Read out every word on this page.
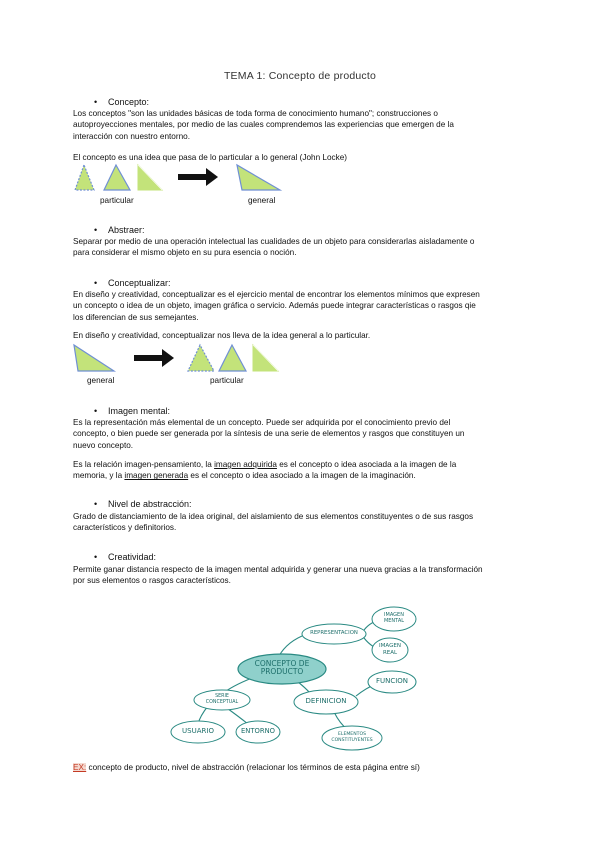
TEMA 1: Concepto de producto
• Concepto:
Los conceptos "son las unidades básicas de toda forma de conocimiento humano"; construcciones o
autoproyecciones mentales, por medio de las cuales comprendemos las experiencias que emergen de la
interacción con nuestro entorno.
El concepto es una idea que pasa de lo particular a lo general (John Locke)
particular	general
• Abstraer:
Separar por medio de una operación intelectual las cualidades de un objeto para considerarlas aisladamente o
para considerar el mismo objeto en su pura esencia o noción.
• Conceptualizar:
En diseño y creatividad, conceptualizar es el ejercicio mental de encontrar los elementos mínimos que expresen
un concepto o idea de un objeto, imagen gráfica o servicio. Además puede integrar características o rasgos qie
los diferencian de sus semejantes.
En diseño y creatividad, conceptualizar nos lleva de la idea general a lo particular.
general	particular
• Imagen mental:
Es la representación más elemental de un concepto. Puede ser adquirida por el conocimiento previo del
concepto, o bien puede ser generada por la síntesis de una serie de elementos y rasgos que constituyen un
nuevo concepto.
Es la relación imagen-pensamiento, la imagen adquirida es el concepto o idea asociada a la imagen de la
memoria, y la imagen generada es el concepto o idea asociado a la imagen de la imaginación.
• Nivel de abstracción:
Grado de distanciamiento de la idea original, del aislamiento de sus elementos constituyentes o de sus rasgos
característicos y definitorios.
• Creatividad:
Permite ganar distancia respecto de la imagen mental adquirida y generar una nueva gracias a la transformación
por sus elementos o rasgos característicos.
CONCEPTO DE
PRODUCTO
REPRESENTACION
IMAGEN
MENTAL
IMAGEN
REAL
DEFINICION
FUNCION
ELEMENTOS
CONSTITUYENTES
SERIE
CONCEPTUAL
USUARIO	ENTORNO
EX: concepto de producto, nivel de abstracción (relacionar los términos de esta página entre sí)
